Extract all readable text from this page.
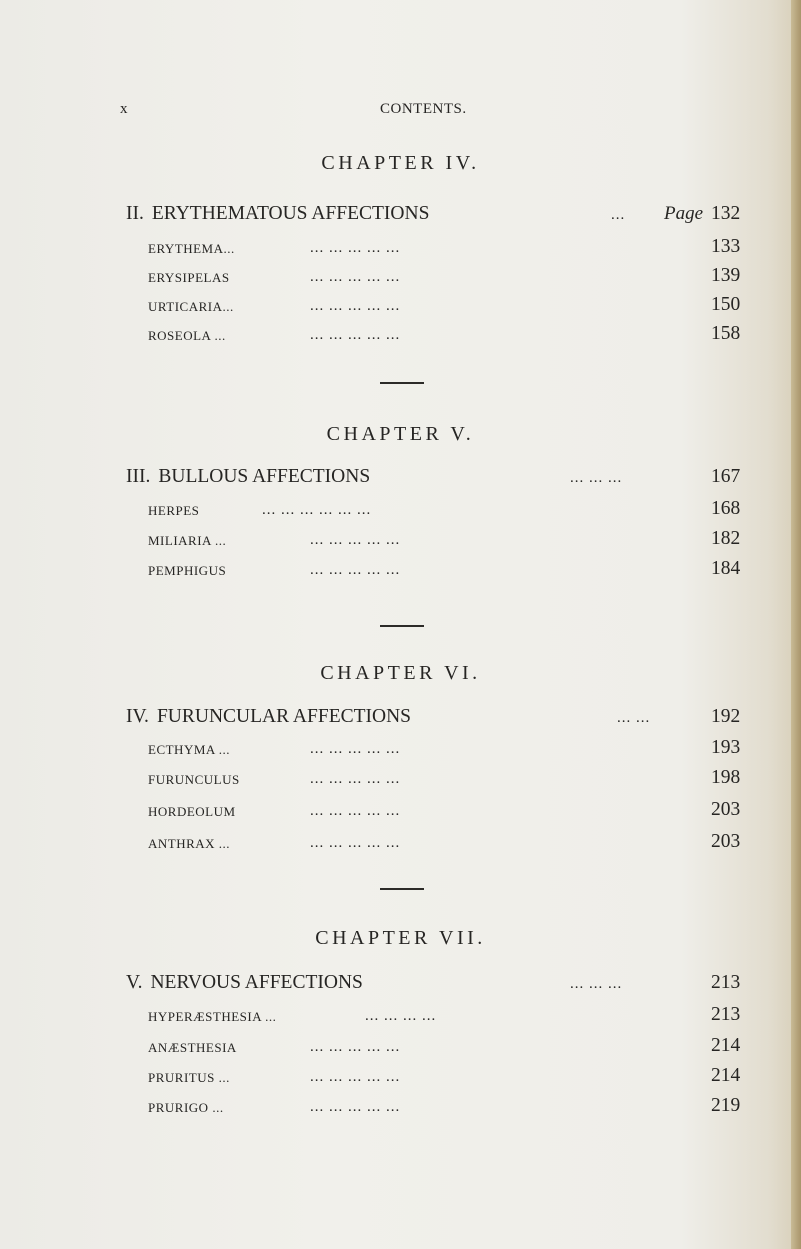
x	CONTENTS.
CHAPTER IV.
II. ERYTHEMATOUS AFFECTIONS	... Page 132
ERYTHEMA...	... ... ... ... ...	133
ERYSIPELAS	... ... ... ... ...	139
URTICARIA...	... ... ... ... ...	150
ROSEOLA ...	... ... ... ... ...	158
CHAPTER V.
III. BULLOUS AFFECTIONS	... ... ...	167
HERPES	... ... ... ... ... ...	168
MILIARIA ...	... ... ... ... ...	182
PEMPHIGUS	... ... ... ... ...	184
CHAPTER VI.
IV. FURUNCULAR AFFECTIONS	... ...	192
ECTHYMA ...	... ... ... ... ...	193
FURUNCULUS	... ... ... ... ...	198
HORDEOLUM	... ... ... ... ...	203
ANTHRAX ...	... ... ... ... ...	203
CHAPTER VII.
V. NERVOUS AFFECTIONS	... ... ...	213
HYPERÆSTHESIA ...	... ... ... ...	213
ANÆSTHESIA	... ... ... ... ...	214
PRURITUS ...	... ... ... ... ...	214
PRURIGO ...	... ... ... ... ...	219
